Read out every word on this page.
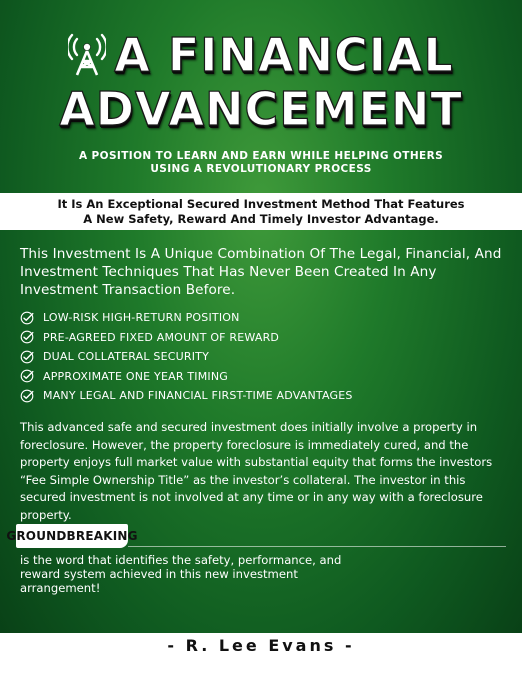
A FINANCIAL
ADVANCEMENT
A POSITION TO LEARN AND EARN WHILE HELPING OTHERS
USING A REVOLUTIONARY PROCESS
It Is An Exceptional Secured Investment Method That Features
A New Safety, Reward And Timely Investor Advantage.
This Investment Is A Unique Combination Of The Legal, Financial, And Investment Techniques That Has Never Been Created In Any Investment Transaction Before.
LOW-RISK HIGH-RETURN POSITION
PRE-AGREED FIXED AMOUNT OF REWARD
DUAL COLLATERAL SECURITY
APPROXIMATE ONE YEAR TIMING
MANY LEGAL AND FINANCIAL FIRST-TIME ADVANTAGES
This advanced safe and secured investment does initially involve a property in foreclosure. However, the property foreclosure is immediately cured, and the property enjoys full market value with substantial equity that forms the investors “Fee Simple Ownership Title” as the investor’s collateral. The investor in this secured investment is not involved at any time or in any way with a foreclosure property.
GROUNDBREAKING
is the word that identifies the safety, performance, and reward system achieved in this new investment arrangement!
- R. Lee Evans -
